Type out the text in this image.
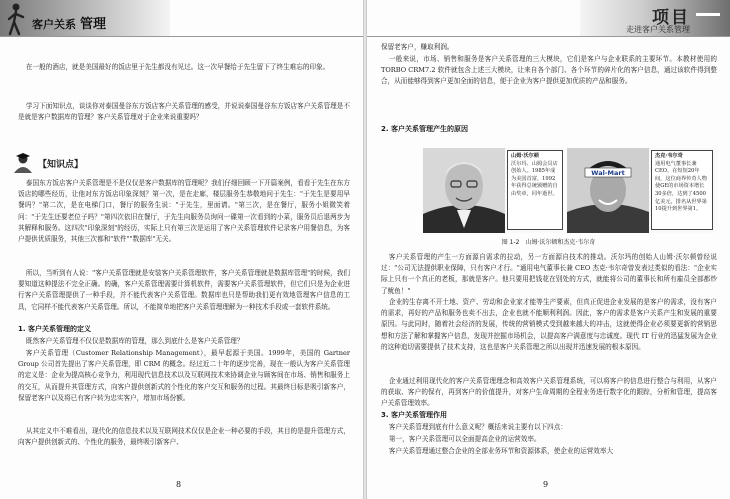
客户关系 管理

在一般的酒店，就是美国最好的饭店里于先生都没有见过。这一次早餐给于先生留下了终生难忘的印象。

学习下面知识点，谈谈你对泰国曼谷东方饭店客户关系管理的感受，并说说泰国曼谷东方饭店客户关系管理是不是就是客户数据库的管理？客户关系管理对于企业来说重要吗？

【知识点】

泰国东方饭店客户关系管理是不是仅仅是客户数据库的管理呢？我们仔细回顾一下开篇案例，看看于先生在东方饭店的哪些经历，让他对东方饭店印象深刻？第一次，是在走廊，楼层服务生恭敬地问于先生："于先生是要用早餐吗？"第二次，是在电梯门口，餐厅的服务生说："于先生，里面请。"第三次，是在餐厅，服务小姐微笑着问："于先生还要老位子吗？"第四次依旧在餐厅，于先生向服务员询问一碟第一次看到的小菜，服务员后退两步为其解释和服务。这四次"印象深刻"的经历，实际上只有第三次是运用了客户关系管理软件记录客户用餐信息，为客户提供优质服务，其他三次都和"软件""数据库"无关。

所以，当听到有人说："客户关系管理就是安装客户关系管理软件，客户关系管理就是数据库管理"的时候，我们要知道这种提法不完全正确。的确，客户关系管理需要计算机软件，需要客户关系管理软件，但它们只是为企业进行客户关系管理提供了一种手段，并不能代表客户关系管理。数据库也只是帮助我们更有效地管理客户信息的工具，它同样不能代表客户关系管理。所以，不能简单地把客户关系管理理解为一种技术手段或一套软件系统。

1. 客户关系管理的定义

既然客户关系管理不仅仅是数据库的管理，那么到底什么是客户关系管理？

客户关系管理（Customer Relationship Management），最早起源于美国。1999年，美国的 Gartner Group 公司首先提出了客户关系管理，即 CRM 的概念。经过近二十年的逐步完善，现在一般认为客户关系管理的定义是：企业为提高核心竞争力，利用现代信息技术以及互联网技术来协调企业与顾客间在市场、销售和服务上的交互，从而提升其管理方式，向客户提供创新式的个性化的客户交互和服务的过程。其最终目标是吸引新客户，保留老客户以及将已有客户转为忠实客户，增加市场份额。

从其定义中不难看出，现代化的信息技术以及互联网技术仅仅是企业一种必要的手段，其目的是提升管理方式，向客户提供创新式的、个性化的服务，最终吸引新客户、

8
项目
走进客户关系管理

保留老客户，赚取利润。

一般来说，市场、销售和服务是客户关系管理的三大模块，它们是客户与企业联系的主要环节。本教材使用的 TORBO CRM7.2 软件就包含上述三大模块，让来自各个部门、各个环节的碎片化的客户信息，通过该软件得到整合，从而能够得到客户更加全面的信息，便于企业为客户提供更加优质的产品和服务。

2. 客户关系管理产生的原因

山姆·沃尔顿
沃尔玛、山姆会员店创始人。1985年成为美国首富，1992年获得总统颁赠的自由奖章，同年逝世。
Wal-Mart
杰克·韦尔奇
通用电气董事长兼CEO。在短短20年间，这位商界传奇人物使GE的市场资本增长30多倍，达到了4500亿美元，排名从世界第10提升到世界第1。
图 1-2　山姆·沃尔顿和杰克·韦尔奇

客户关系管理的产生一方面源自需求的拉动，另一方面源自技术的推动。沃尔玛的创始人山姆·沃尔顿曾经说过："公司无法提供职业保障，只有客户才行。"通用电气董事长兼 CEO 杰克·韦尔奇曾发表过类似的看法："企业实际上只有一个真正的老板，那就是客户。他只要用把钱花在别处的方式，就能将公司的董事长和所有雇员全部都炒了鱿鱼！"

企业的生存离不开土地、资产、劳动和企业家才能等生产要素，但真正促进企业发展的是客户的需求，没有客户的需求，再好的产品和服务也卖不出去，企业也就不能顺利利润。因此，客户的需求是客户关系产生和发展的重要原因。与此同时，随着社会经济的发展，传统的营销模式受到越来越大的冲击，这就使得企业必须要更新的营销思想和方法了解和掌握客户信息，发现并挖掘市场机会，以提高客户满意度与忠诚度。现代 IT 行业的迅猛发展为企业的这种追切需要提供了技术支持，这也是客户关系管理之所以出现并迅速发展的根本原因。

企业通过利用现代化的客户关系管理理念和高效客户关系管理系统，可以将客户的信息进行整合与利用，从客户的获取、客户的保有，再到客户的价值提升，对客户生命周期的全程业务进行数字化的跟踪，分析和管理，提高客户关系管理效率。

3. 客户关系管理作用

客户关系管理到底有什么意义呢？概括来说主要有以下四点：

第一，客户关系管理可以全面提高企业的运营效率。

客户关系管理通过整合企业的全部业务环节和资源体系，使企业的运营效率大

9
